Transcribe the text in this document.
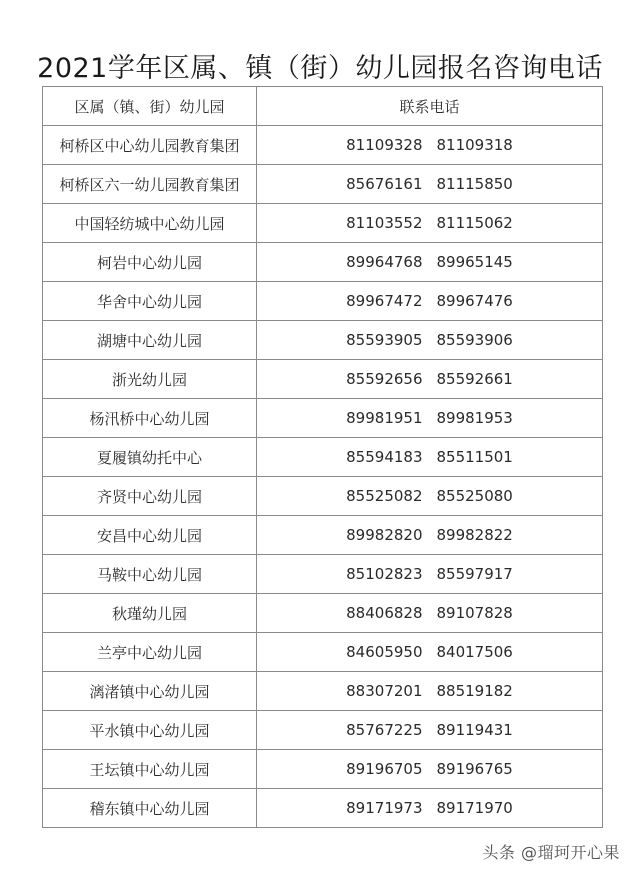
2021学年区属、镇（街）幼儿园报名咨询电话
区属（镇、街）幼儿园	联系电话
柯桥区中心幼儿园教育集团	81109328 81109318
柯桥区六一幼儿园教育集团	85676161 81115850
中国轻纺城中心幼儿园	81103552 81115062
柯岩中心幼儿园	89964768 89965145
华舍中心幼儿园	89967472 89967476
湖塘中心幼儿园	85593905 85593906
浙光幼儿园	85592656 85592661
杨汛桥中心幼儿园	89981951 89981953
夏履镇幼托中心	85594183 85511501
齐贤中心幼儿园	85525082 85525080
安昌中心幼儿园	89982820 89982822
马鞍中心幼儿园	85102823 85597917
秋瑾幼儿园	88406828 89107828
兰亭中心幼儿园	84605950 84017506
漓渚镇中心幼儿园	88307201 88519182
平水镇中心幼儿园	85767225 89119431
王坛镇中心幼儿园	89196705 89196765
稽东镇中心幼儿园	89171973 89171970
头条 @瑠珂开心果
